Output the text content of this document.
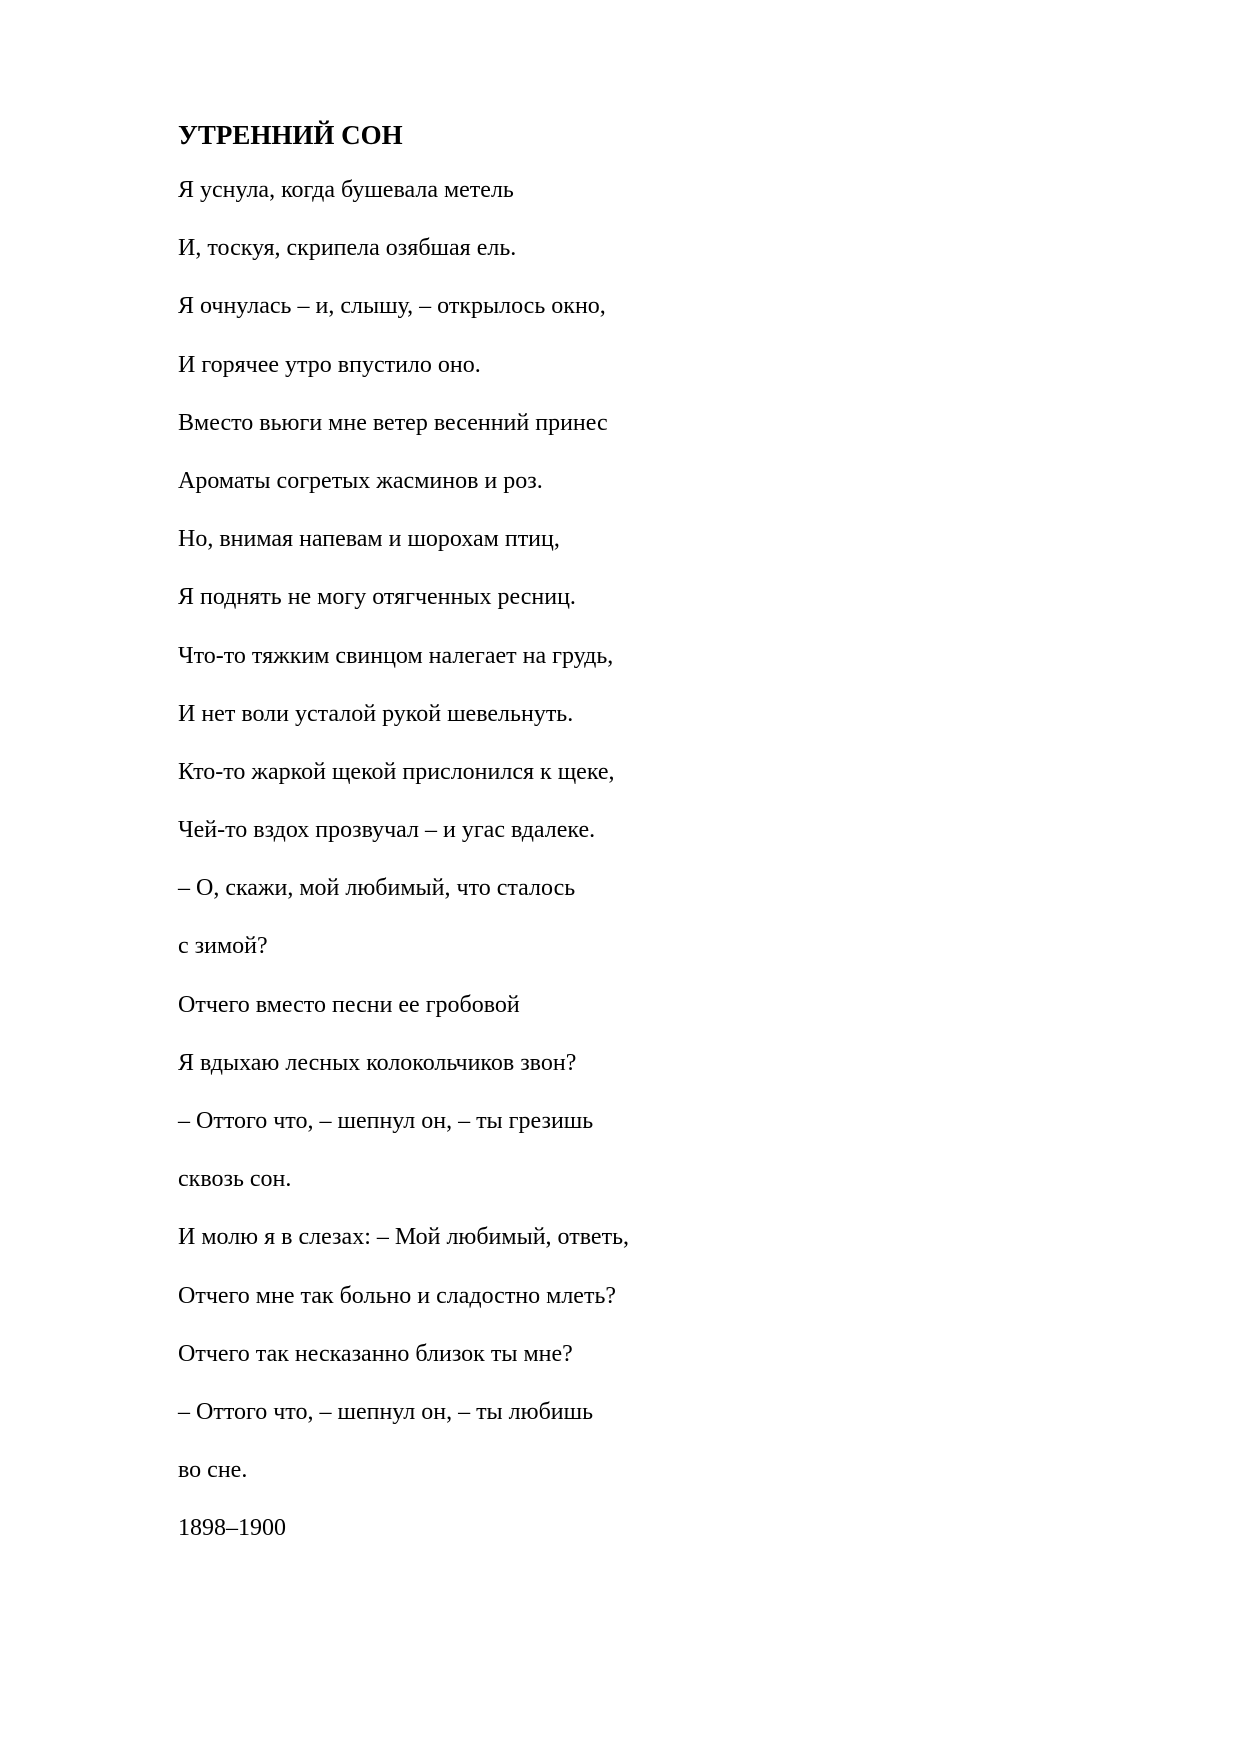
УТРЕННИЙ СОН
Я уснула, когда бушевала метель
И, тоскуя, скрипела озябшая ель.
Я очнулась – и, слышу, – открылось окно,
И горячее утро впустило оно.
Вместо вьюги мне ветер весенний принес
Ароматы согретых жасминов и роз.
Но, внимая напевам и шорохам птиц,
Я поднять не могу отягченных ресниц.
Что-то тяжким свинцом налегает на грудь,
И нет воли усталой рукой шевельнуть.
Кто-то жаркой щекой прислонился к щеке,
Чей-то вздох прозвучал – и угас вдалеке.
– О, скажи, мой любимый, что сталось
с зимой?
Отчего вместо песни ее гробовой
Я вдыхаю лесных колокольчиков звон?
– Оттого что, – шепнул он, – ты грезишь
сквозь сон.
И молю я в слезах: – Мой любимый, ответь,
Отчего мне так больно и сладостно млеть?
Отчего так несказанно близок ты мне?
– Оттого что, – шепнул он, – ты любишь
во сне.
1898–1900
